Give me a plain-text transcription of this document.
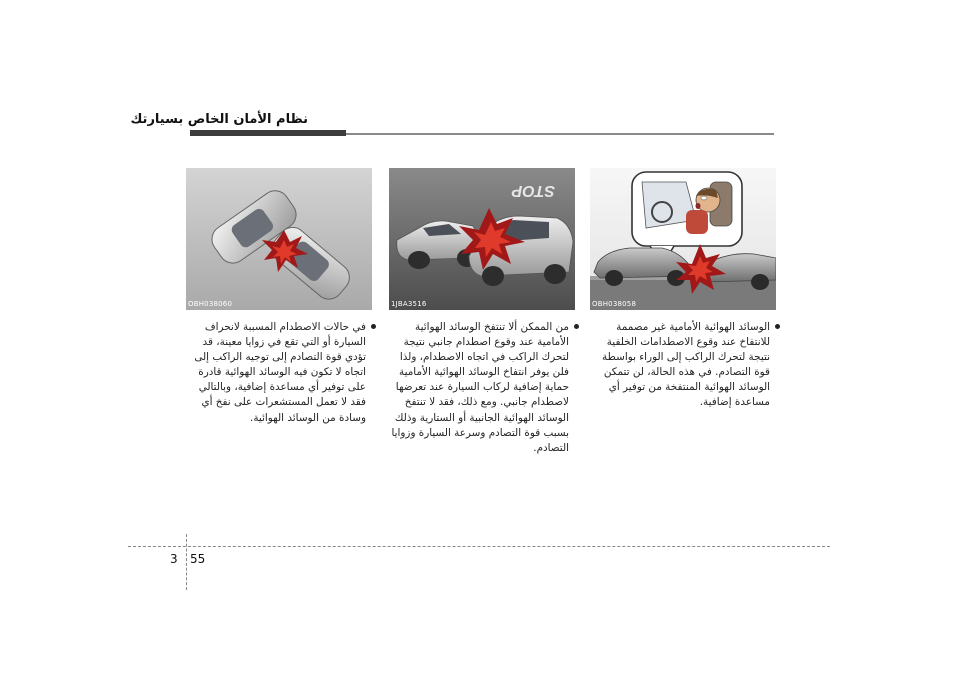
نظام الأمان الخاص بسيارتك
OBH038060
STOP
1JBA3516	OBH038058

في حالات الاصطدام المسببة لانحراف السيارة أو التي تقع في زوايا معينة، قد تؤدي قوة التصادم إلى توجيه الراكب إلى اتجاه لا تكون فيه الوسائد الهوائية قادرة على توفير أي مساعدة إضافية، وبالتالي فقد لا تعمل المستشعرات على نفخ أي وسادة من الوسائد الهوائية.

من الممكن ألا تنتفخ الوسائد الهوائية الأمامية عند وقوع اصطدام جانبي نتيجة لتحرك الراكب في اتجاه الاصطدام، ولذا فلن يوفر انتفاخ الوسائد الهوائية الأمامية حماية إضافية لركاب السيارة عند تعرضها لاصطدام جانبي. ومع ذلك، فقد لا تنتفخ الوسائد الهوائية الجانبية أو الستارية وذلك بسبب قوة التصادم وسرعة السيارة وزوايا التصادم.

الوسائد الهوائية الأمامية غير مصممة للانتفاخ عند وقوع الاصطدامات الخلفية نتيجة لتحرك الراكب إلى الوراء بواسطة قوة التصادم. في هذه الحالة، لن تتمكن الوسائد الهوائية المنتفخة من توفير أي مساعدة إضافية.

3 55
